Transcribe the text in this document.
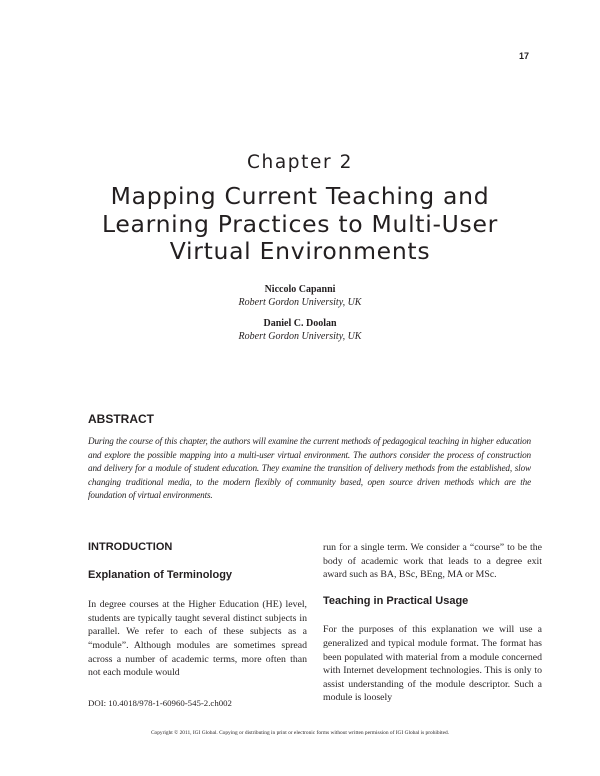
17
Chapter 2
Mapping Current Teaching and Learning Practices to Multi-User Virtual Environments
Niccolo Capanni
Robert Gordon University, UK
Daniel C. Doolan
Robert Gordon University, UK
ABSTRACT

During the course of this chapter, the authors will examine the current methods of pedagogical teaching in higher education and explore the possible mapping into a multi-user virtual environment. The authors consider the process of construction and delivery for a module of student education. They examine the transition of delivery methods from the established, slow changing traditional media, to the modern flexibly of community based, open source driven methods which are the foundation of virtual environments.

INTRODUCTION
Explanation of Terminology

In degree courses at the Higher Education (HE) level, students are typically taught several distinct subjects in parallel. We refer to each of these subjects as a “module”. Although modules are sometimes spread across a number of academic terms, more often than not each module would

run for a single term. We consider a “course” to be the body of academic work that leads to a degree exit award such as BA, BSc, BEng, MA or MSc.

Teaching in Practical Usage

For the purposes of this explanation we will use a generalized and typical module format. The format has been populated with material from a module concerned with Internet development technologies. This is only to assist understanding of the module descriptor. Such a module is loosely

DOI: 10.4018/978-1-60960-545-2.ch002
Copyright © 2011, IGI Global. Copying or distributing in print or electronic forms without written permission of IGI Global is prohibited.
